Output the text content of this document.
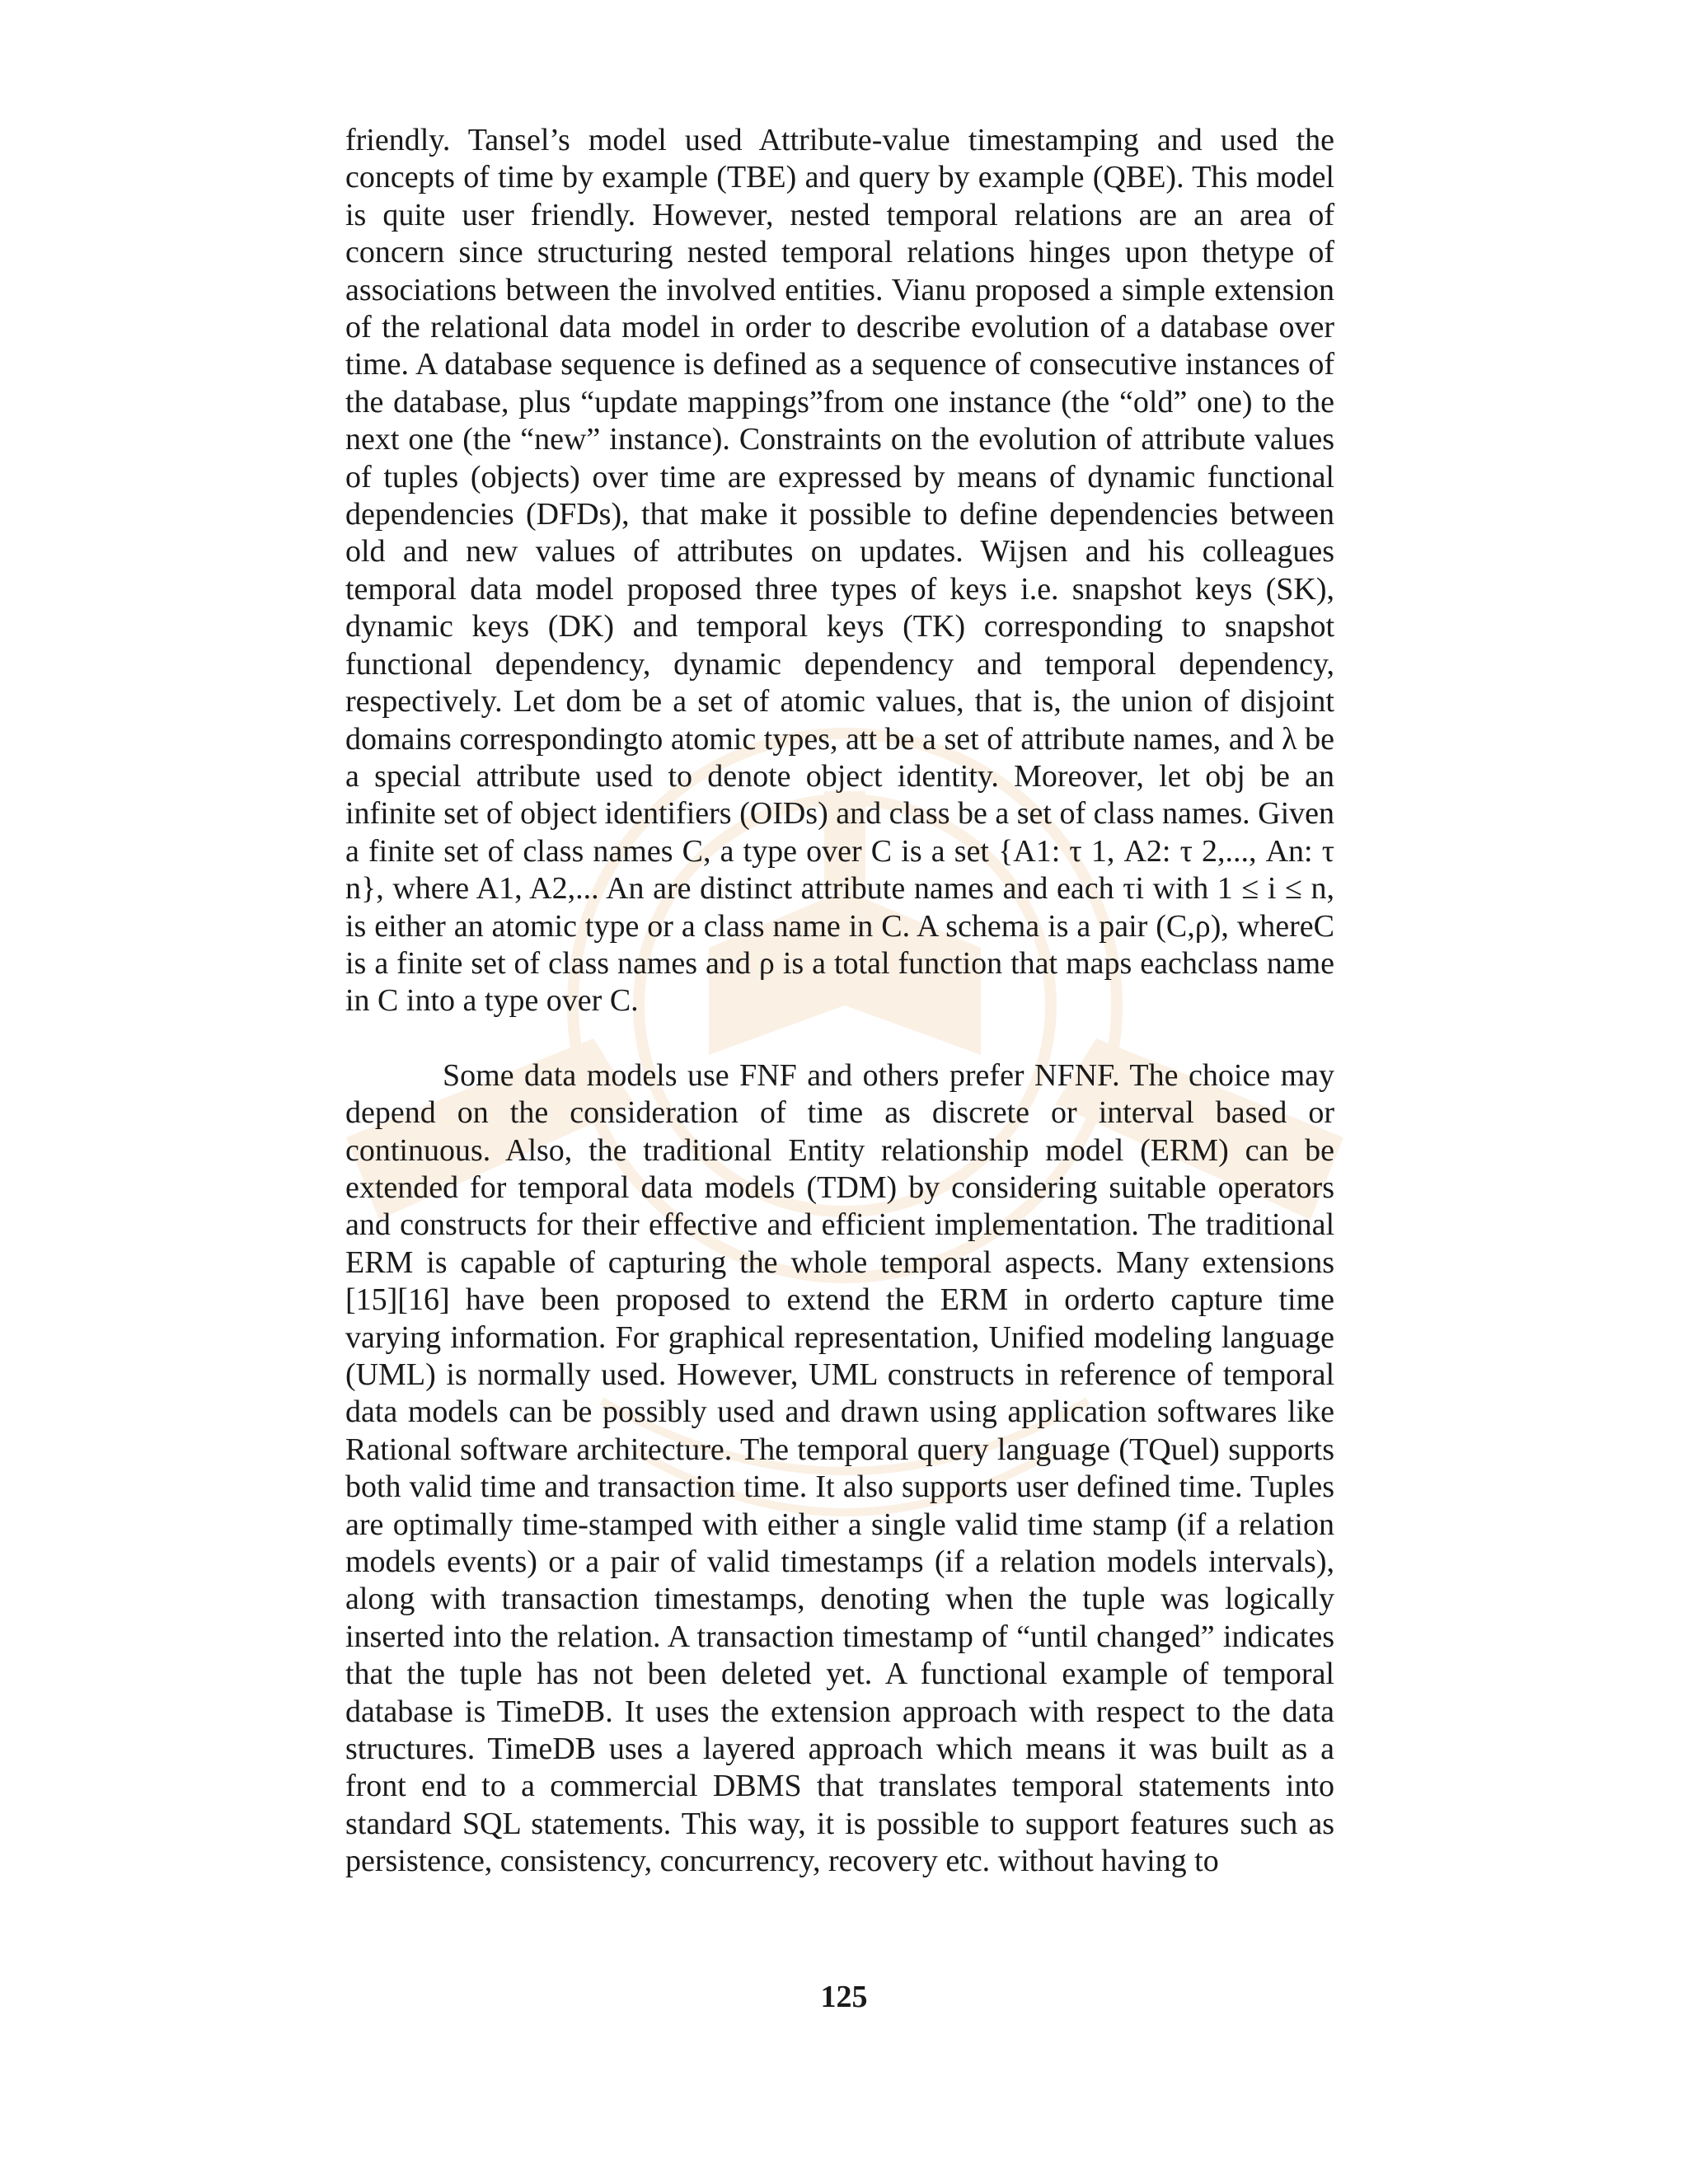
friendly. Tansel’s model used Attribute-value timestamping and used the concepts of time by example (TBE) and query by example (QBE). This model is quite user friendly. However, nested temporal relations are an area of concern since structuring nested temporal relations hinges upon thetype of associations between the involved entities. Vianu proposed a simple extension of the relational data model in order to describe evolution of a database over time. A database sequence is defined as a sequence of consecutive instances of the database, plus “update mappings”from one instance (the “old” one) to the next one (the “new” instance). Constraints on the evolution of attribute values of tuples (objects) over time are expressed by means of dynamic functional dependencies (DFDs), that make it possible to define dependencies between old and new values of attributes on updates. Wijsen and his colleagues temporal data model proposed three types of keys i.e. snapshot keys (SK), dynamic keys (DK) and temporal keys (TK) corresponding to snapshot functional dependency, dynamic dependency and temporal dependency, respectively. Let dom be a set of atomic values, that is, the union of disjoint domains correspondingto atomic types, att be a set of attribute names, and λ be a special attribute used to denote object identity. Moreover, let obj be an infinite set of object identifiers (OIDs) and class be a set of class names. Given a finite set of class names C, a type over C is a set {A1: τ 1, A2: τ 2,..., An: τ n}, where A1, A2,... An are distinct attribute names and each τi with 1 ≤ i ≤ n, is either an atomic type or a class name in C. A schema is a pair (C,ρ), whereC is a finite set of class names and ρ is a total function that maps eachclass name in C into a type over C.

Some data models use FNF and others prefer NFNF. The choice may depend on the consideration of time as discrete or interval based or continuous. Also, the traditional Entity relationship model (ERM) can be extended for temporal data models (TDM) by considering suitable operators and constructs for their effective and efficient implementation. The traditional ERM is capable of capturing the whole temporal aspects. Many extensions [15][16] have been proposed to extend the ERM in orderto capture time varying information. For graphical representation, Unified modeling language (UML) is normally used. However, UML constructs in reference of temporal data models can be possibly used and drawn using application softwares like Rational software architecture. The temporal query language (TQuel) supports both valid time and transaction time. It also supports user defined time. Tuples are optimally time-stamped with either a single valid time stamp (if a relation models events) or a pair of valid timestamps (if a relation models intervals), along with transaction timestamps, denoting when the tuple was logically inserted into the relation. A transaction timestamp of “until changed” indicates that the tuple has not been deleted yet. A functional example of temporal database is TimeDB. It uses the extension approach with respect to the data structures. TimeDB uses a layered approach which means it was built as a front end to a commercial DBMS that translates temporal statements into standard SQL statements. This way, it is possible to support features such as persistence, consistency, concurrency, recovery etc. without having to

125
